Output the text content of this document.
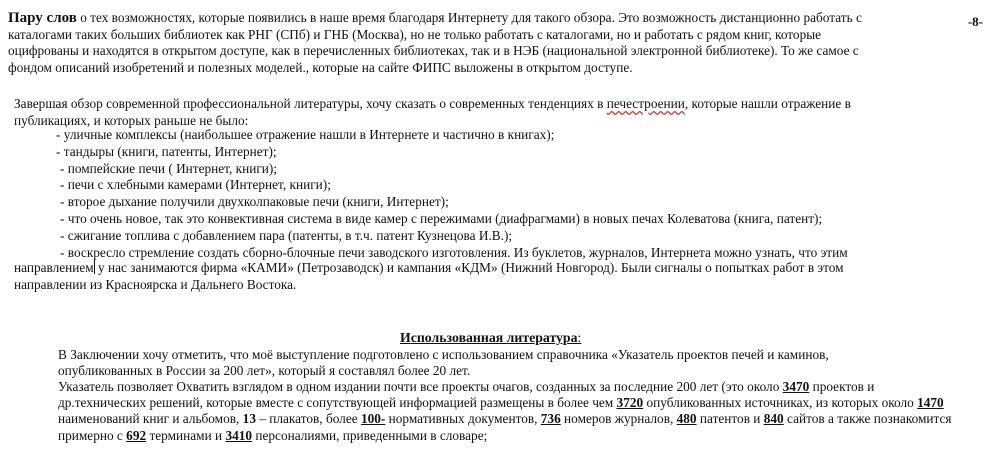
-8-
Пару слов о тех возможностях, которые появились в наше время благодаря Интернету для такого обзора. Это возможность дистанционно работать с
каталогами таких больших библиотек как РНГ (СПб) и ГНБ (Москва), но не только работать с каталогами, но и работать с рядом книг, которые
оцифрованы и находятся в открытом доступе, как в перечисленных библиотеках, так и в НЭБ (национальной электронной библиотеке). То же самое с
фондом описаний изобретений и полезных моделей., которые на сайте ФИПС выложены в открытом доступе.
Завершая обзор современной профессиональной литературы, хочу сказать о современных тенденциях в печестроении, которые нашли отражение в
публикациях, и которых раньше не было:
- уличные комплексы (наибольшее отражение нашли в Интернете и частично в книгах);
- тандыры (книги, патенты, Интернет);
- помпейские печи ( Интернет, книги);
- печи с хлебными камерами (Интернет, книги);
- второе дыхание получили двухколпаковые печи (книги, Интернет);
- что очень новое, так это конвективная система в виде камер с пережимами (диафрагмами) в новых печах Колеватова (книга, патент);
- сжигание топлива с добавлением пара (патенты, в т.ч. патент Кузнецова И.В.);
- воскресло стремление создать сборно-блочные печи заводского изготовления. Из буклетов, журналов, Интернета можно узнать, что этим
направлением у нас занимаются фирма «КАМИ» (Петрозаводск) и кампания «КДМ» (Нижний Новгород). Были сигналы о попытках работ в этом
направлении из Красноярска и Дальнего Востока.
Использованная литература:
В Заключении хочу отметить, что моё выступление подготовлено с использованием справочника «Указатель проектов печей и каминов,
опубликованных в России за 200 лет», который я составлял более 20 лет.
Указатель позволяет Охватить взглядом в одном издании почти все проекты очагов, созданных за последние 200 лет (это около 3470 проектов и
др.технических решений, которые вместе с сопутствующей информацией размещены в более чем 3720 опубликованных источниках, из которых около 1470
наименований книг и альбомов, 13 – плакатов, более 100- нормативных документов, 736 номеров журналов, 480 патентов и 840 сайтов а также познакомится
примерно с 692 терминами и 3410 персоналиями, приведенными в словаре;
